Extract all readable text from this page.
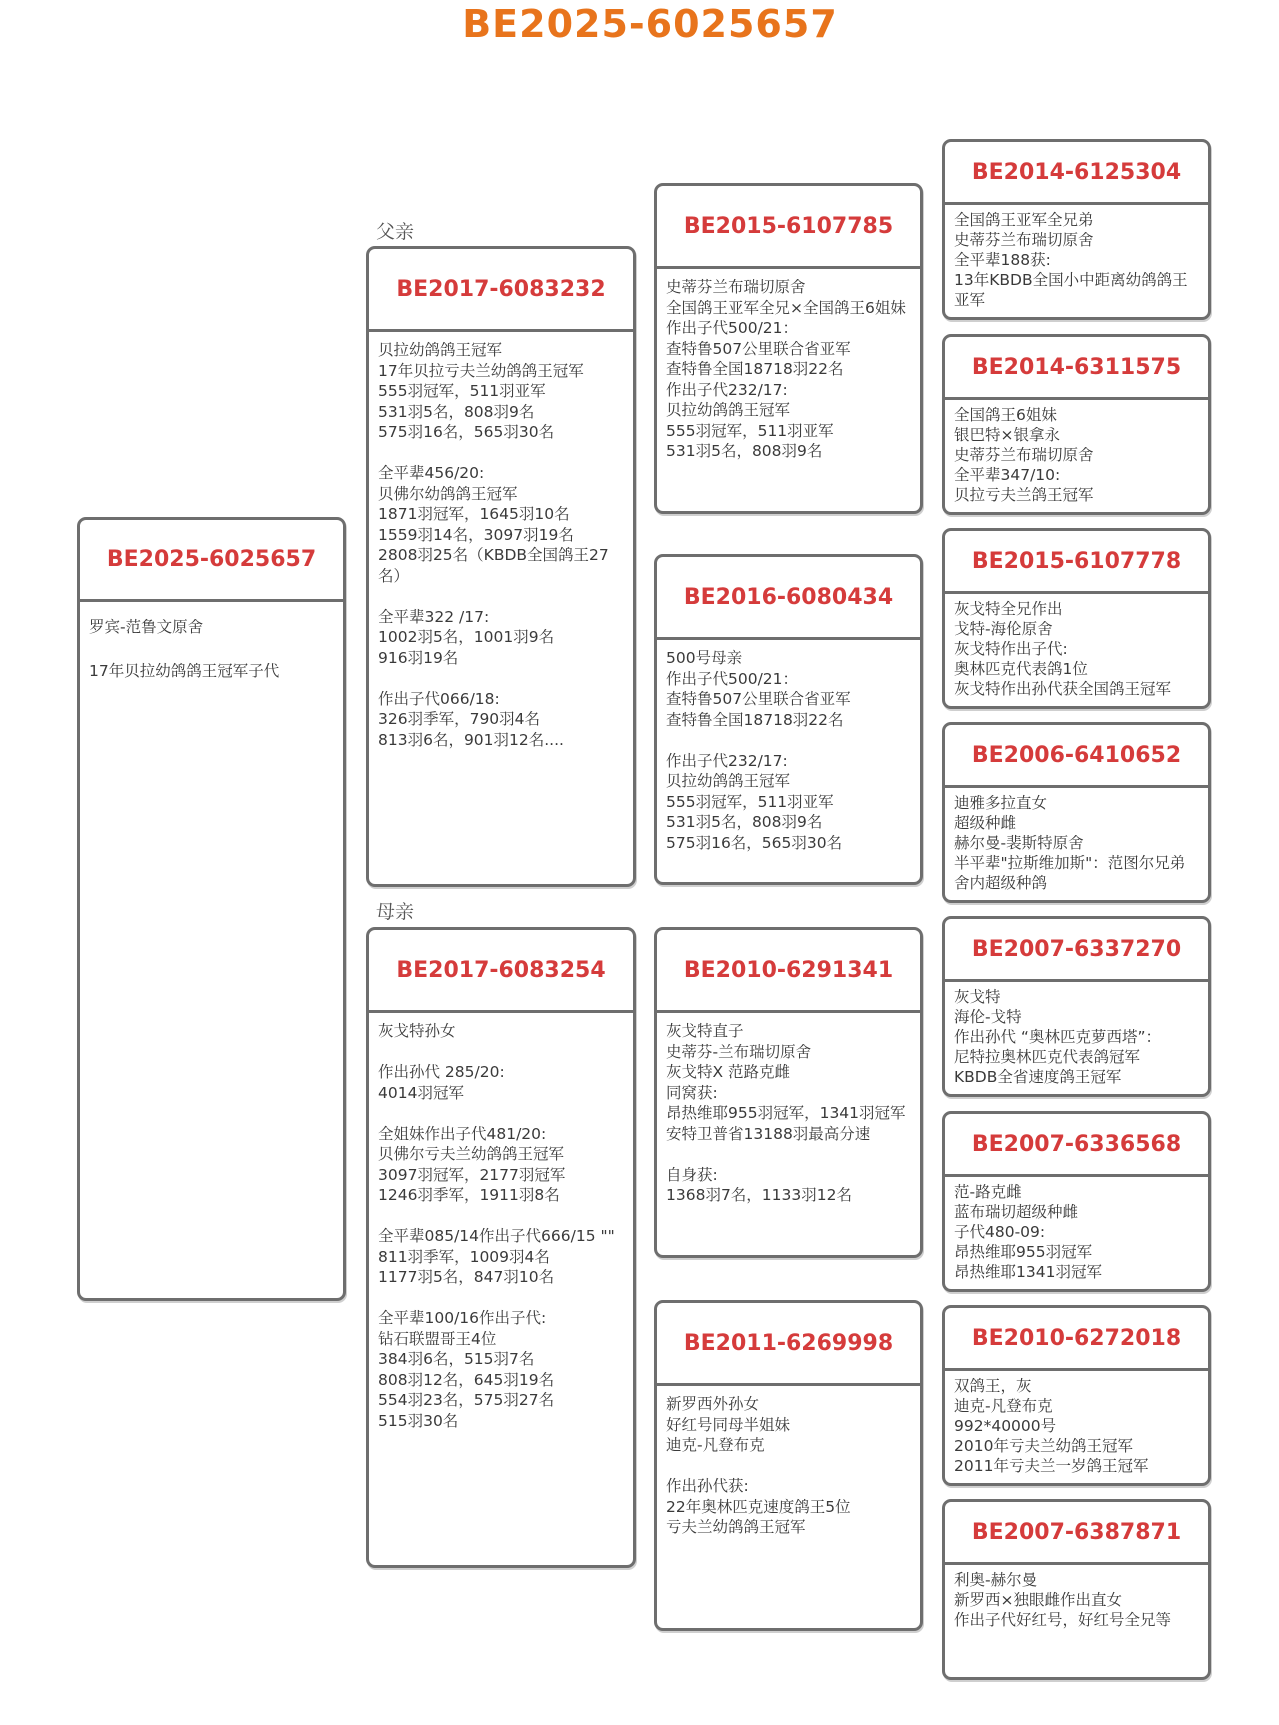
BE2025-6025657
BE2025-6025657
罗宾-范鲁文原舍

17年贝拉幼鸽鸽王冠军子代
父亲
BE2017-6083232
贝拉幼鸽鸽王冠军
17年贝拉亏夫兰幼鸽鸽王冠军
555羽冠军，511羽亚军
531羽5名，808羽9名
575羽16名，565羽30名

全平辈456/20:
贝佛尔幼鸽鸽王冠军
1871羽冠军，1645羽10名
1559羽14名，3097羽19名
2808羽25名（KBDB全国鸽王27名）

全平辈322 /17:
1002羽5名，1001羽9名
916羽19名

作出子代066/18:
326羽季军，790羽4名
813羽6名，901羽12名....
母亲
BE2017-6083254
灰戈特孙女

作出孙代 285/20:
4014羽冠军

全姐妹作出子代481/20:
贝佛尔亏夫兰幼鸽鸽王冠军
3097羽冠军，2177羽冠军
1246羽季军，1911羽8名

全平辈085/14作出子代666/15 ""
811羽季军，1009羽4名
1177羽5名，847羽10名

全平辈100/16作出子代:
钻石联盟哥王4位
384羽6名，515羽7名
808羽12名，645羽19名
554羽23名，575羽27名
515羽30名
BE2015-6107785
史蒂芬兰布瑞切原舍
全国鸽王亚军全兄×全国鸽王6姐妹
作出子代500/21：
查特鲁507公里联合省亚军
查特鲁全国18718羽22名
作出子代232/17:
贝拉幼鸽鸽王冠军
555羽冠军，511羽亚军
531羽5名，808羽9名
BE2016-6080434
500号母亲
作出子代500/21：
查特鲁507公里联合省亚军
查特鲁全国18718羽22名

作出子代232/17:
贝拉幼鸽鸽王冠军
555羽冠军，511羽亚军
531羽5名，808羽9名
575羽16名，565羽30名
BE2010-6291341
灰戈特直子
史蒂芬-兰布瑞切原舍
灰戈特X 范路克雌
同窝获:
昂热维耶955羽冠军，1341羽冠军
安特卫普省13188羽最高分速

自身获:
1368羽7名，1133羽12名
BE2011-6269998
新罗西外孙女
好红号同母半姐妹
迪克-凡登布克

作出孙代获:
22年奥林匹克速度鸽王5位
亏夫兰幼鸽鸽王冠军
BE2014-6125304
全国鸽王亚军全兄弟
史蒂芬兰布瑞切原舍
全平辈188获:
13年KBDB全国小中距离幼鸽鸽王亚军
BE2014-6311575
全国鸽王6姐妹
银巴特×银拿永
史蒂芬兰布瑞切原舍
全平辈347/10:
贝拉亏夫兰鸽王冠军
BE2015-6107778
灰戈特全兄作出
戈特-海伦原舍
灰戈特作出子代:
奥林匹克代表鸽1位
灰戈特作出孙代获全国鸽王冠军
BE2006-6410652
迪雅多拉直女
超级种雌
赫尔曼-裴斯特原舍
半平辈"拉斯维加斯"：范图尔兄弟舍内超级种鸽
BE2007-6337270
灰戈特
海伦-戈特
作出孙代 “奥林匹克萝西塔”：
尼特拉奥林匹克代表鸽冠军
KBDB全省速度鸽王冠军
BE2007-6336568
范-路克雌
蓝布瑞切超级种雌
子代480-09:
昂热维耶955羽冠军
昂热维耶1341羽冠军
BE2010-6272018
双鸽王，灰
迪克-凡登布克
992*40000号
2010年亏夫兰幼鸽王冠军
2011年亏夫兰一岁鸽王冠军
BE2007-6387871
利奥-赫尔曼
新罗西×独眼雌作出直女
作出子代好红号，好红号全兄等
